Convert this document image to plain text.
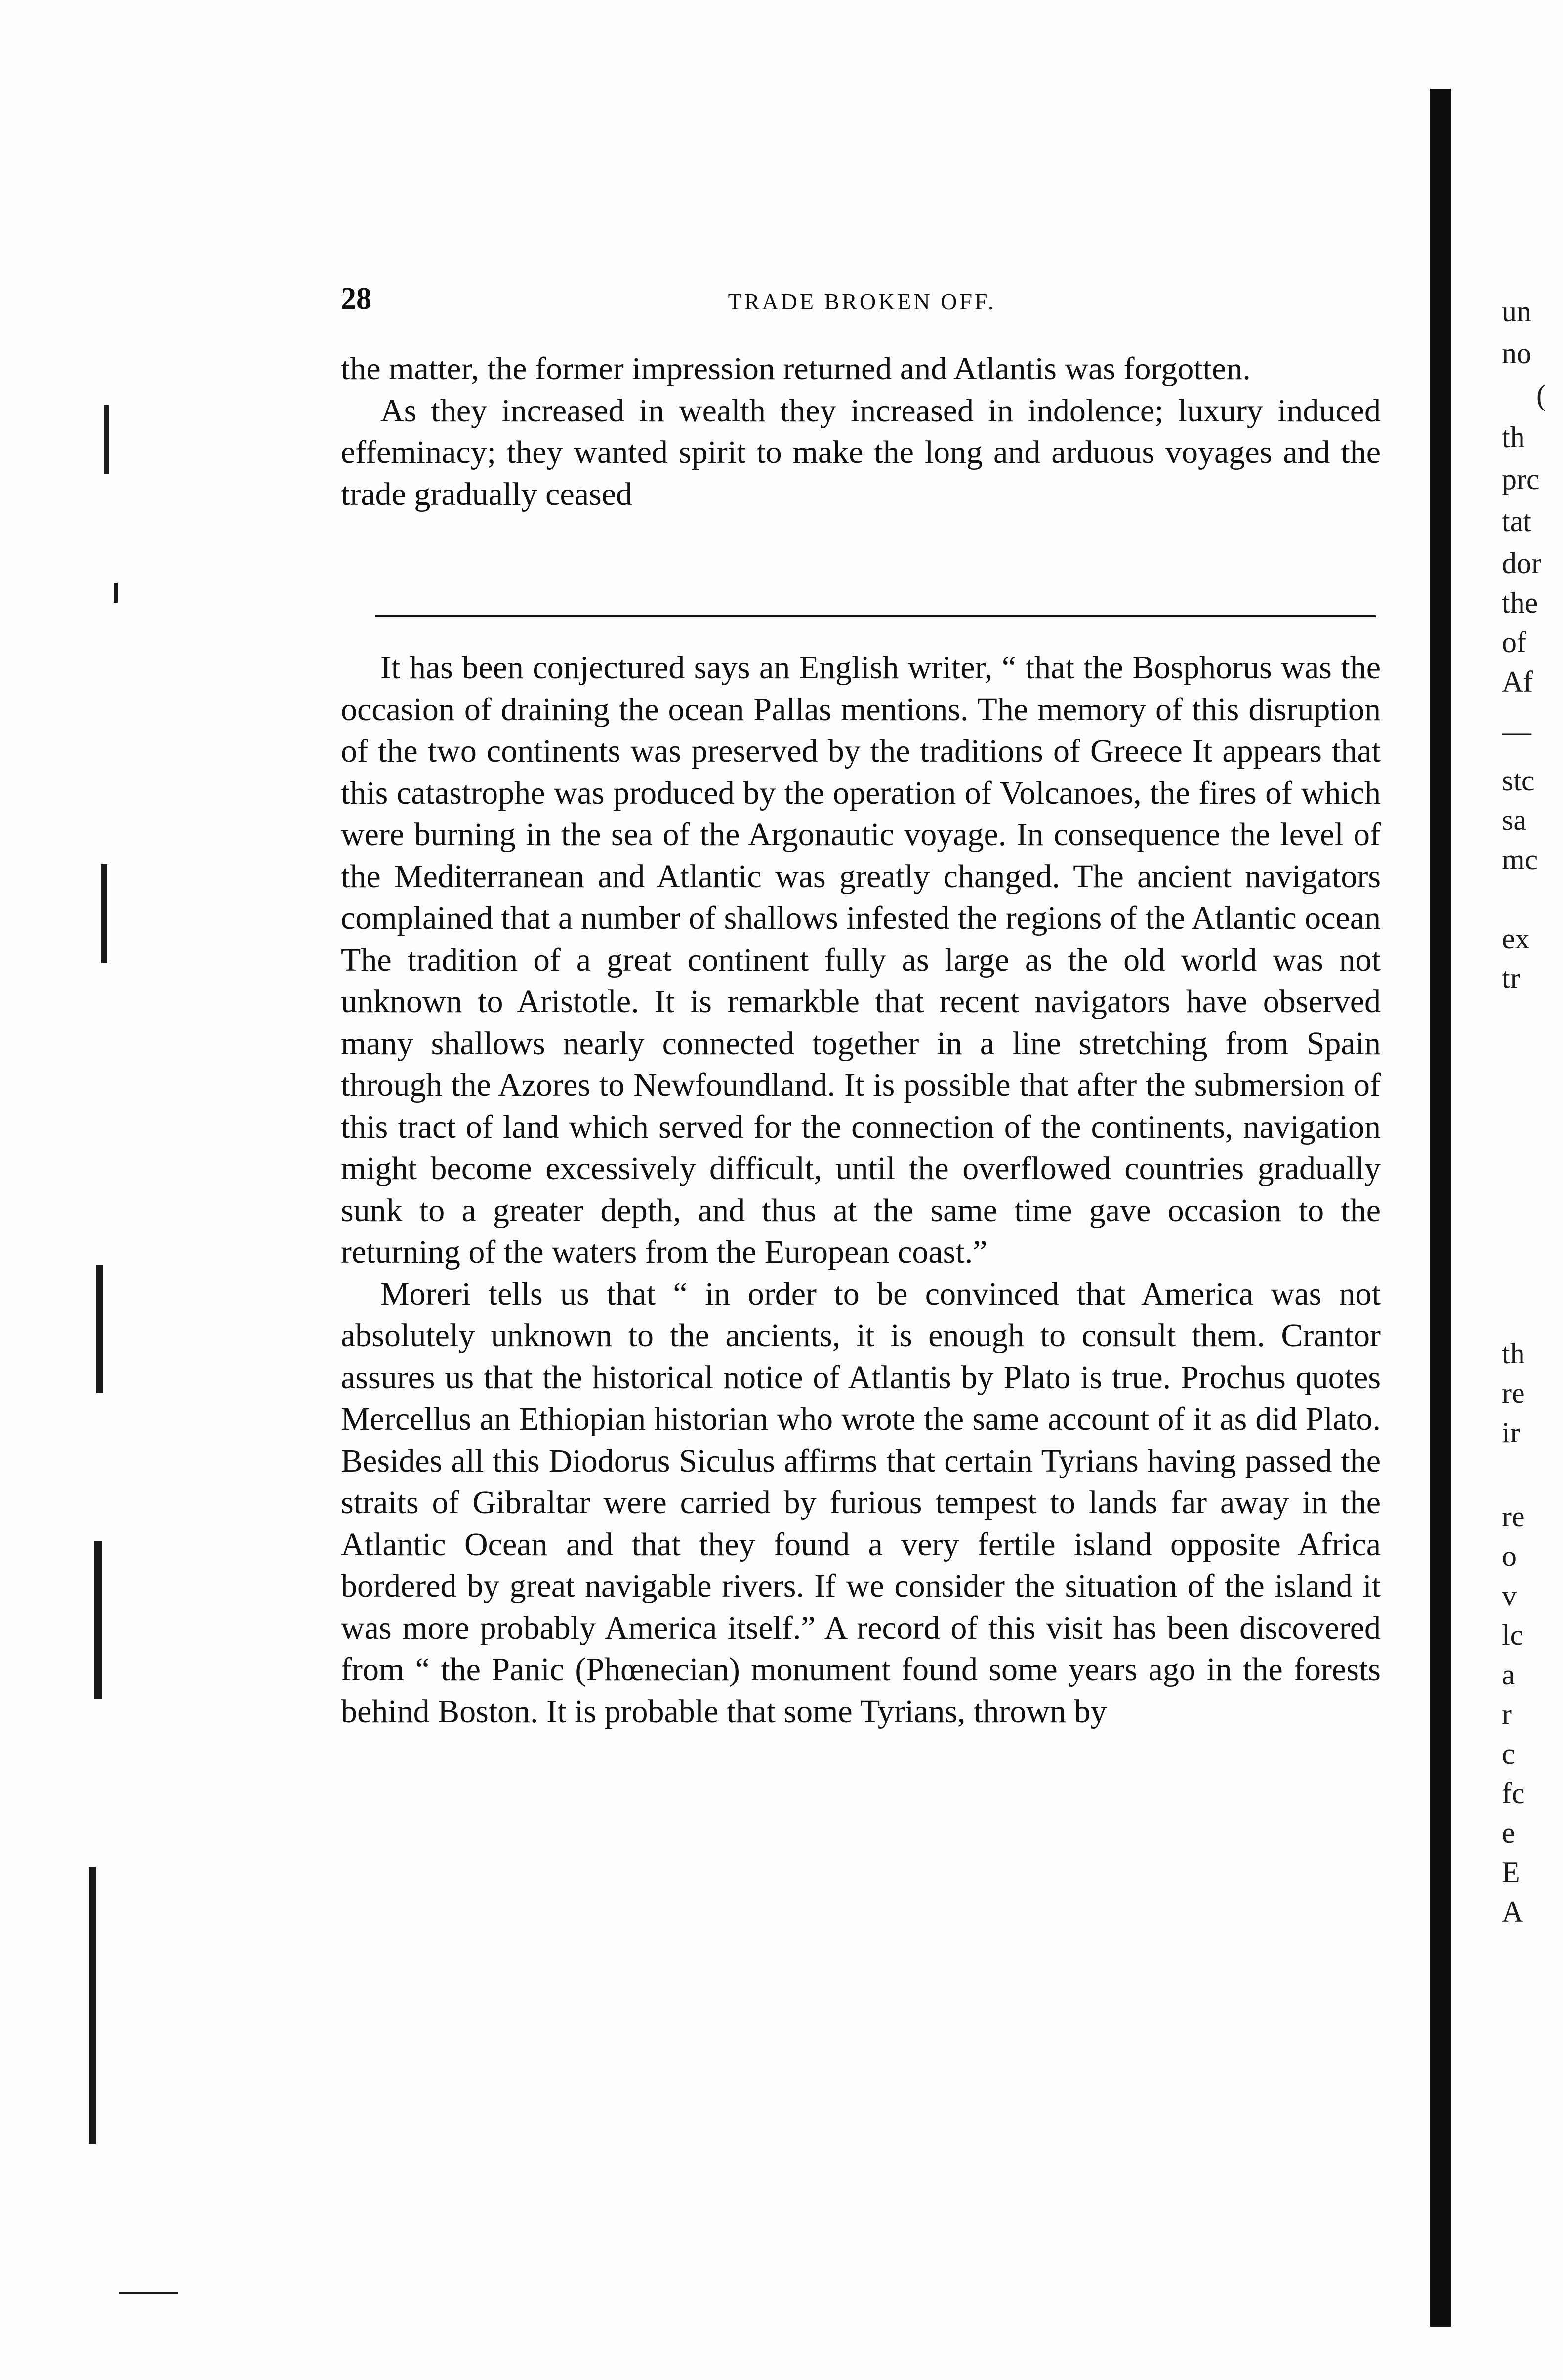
28	TRADE BROKEN OFF.

the matter, the former impression returned and Atlantis was forgotten.

As they increased in wealth they increased in indolence; luxury induced effeminacy; they wanted spirit to make the long and arduous voyages and the trade gradually ceased

It has been conjectured says an English writer, “ that the Bosphorus was the occasion of draining the ocean Pallas mentions. The memory of this disruption of the two continents was preserved by the traditions of Greece It appears that this catastrophe was produced by the operation of Volcanoes, the fires of which were burning in the sea of the Argonautic voyage. In consequence the level of the Mediterranean and Atlantic was greatly changed. The ancient navigators complained that a number of shallows infested the regions of the Atlantic ocean The tradition of a great continent fully as large as the old world was not unknown to Aristotle. It is remarkble that recent navigators have observed many shallows nearly connected together in a line stretching from Spain through the Azores to Newfoundland. It is possible that after the submersion of this tract of land which served for the connection of the continents, navigation might become excessively difficult, until the overflowed countries gradually sunk to a greater depth, and thus at the same time gave occasion to the returning of the waters from the European coast.”

Moreri tells us that “ in order to be convinced that America was not absolutely unknown to the ancients, it is enough to consult them. Crantor assures us that the historical notice of Atlantis by Plato is true. Prochus quotes Mercellus an Ethiopian historian who wrote the same account of it as did Plato. Besides all this Diodorus Siculus affirms that certain Tyrians having passed the straits of Gibraltar were carried by furious tempest to lands far away in the Atlantic Ocean and that they found a very fertile island opposite Africa bordered by great navigable rivers. If we consider the situation of the island it was more probably America itself.” A record of this visit has been discovered from “ the Panic (Phœnecian) monument found some years ago in the forests behind Boston. It is probable that some Tyrians, thrown by

un
no
(
th
prc
tat
dor
the
of
Af
—
stc
sa
mc
ex
tr
th
re
ir
re
o
v
lc
a
r
c
fc
e
E
A
